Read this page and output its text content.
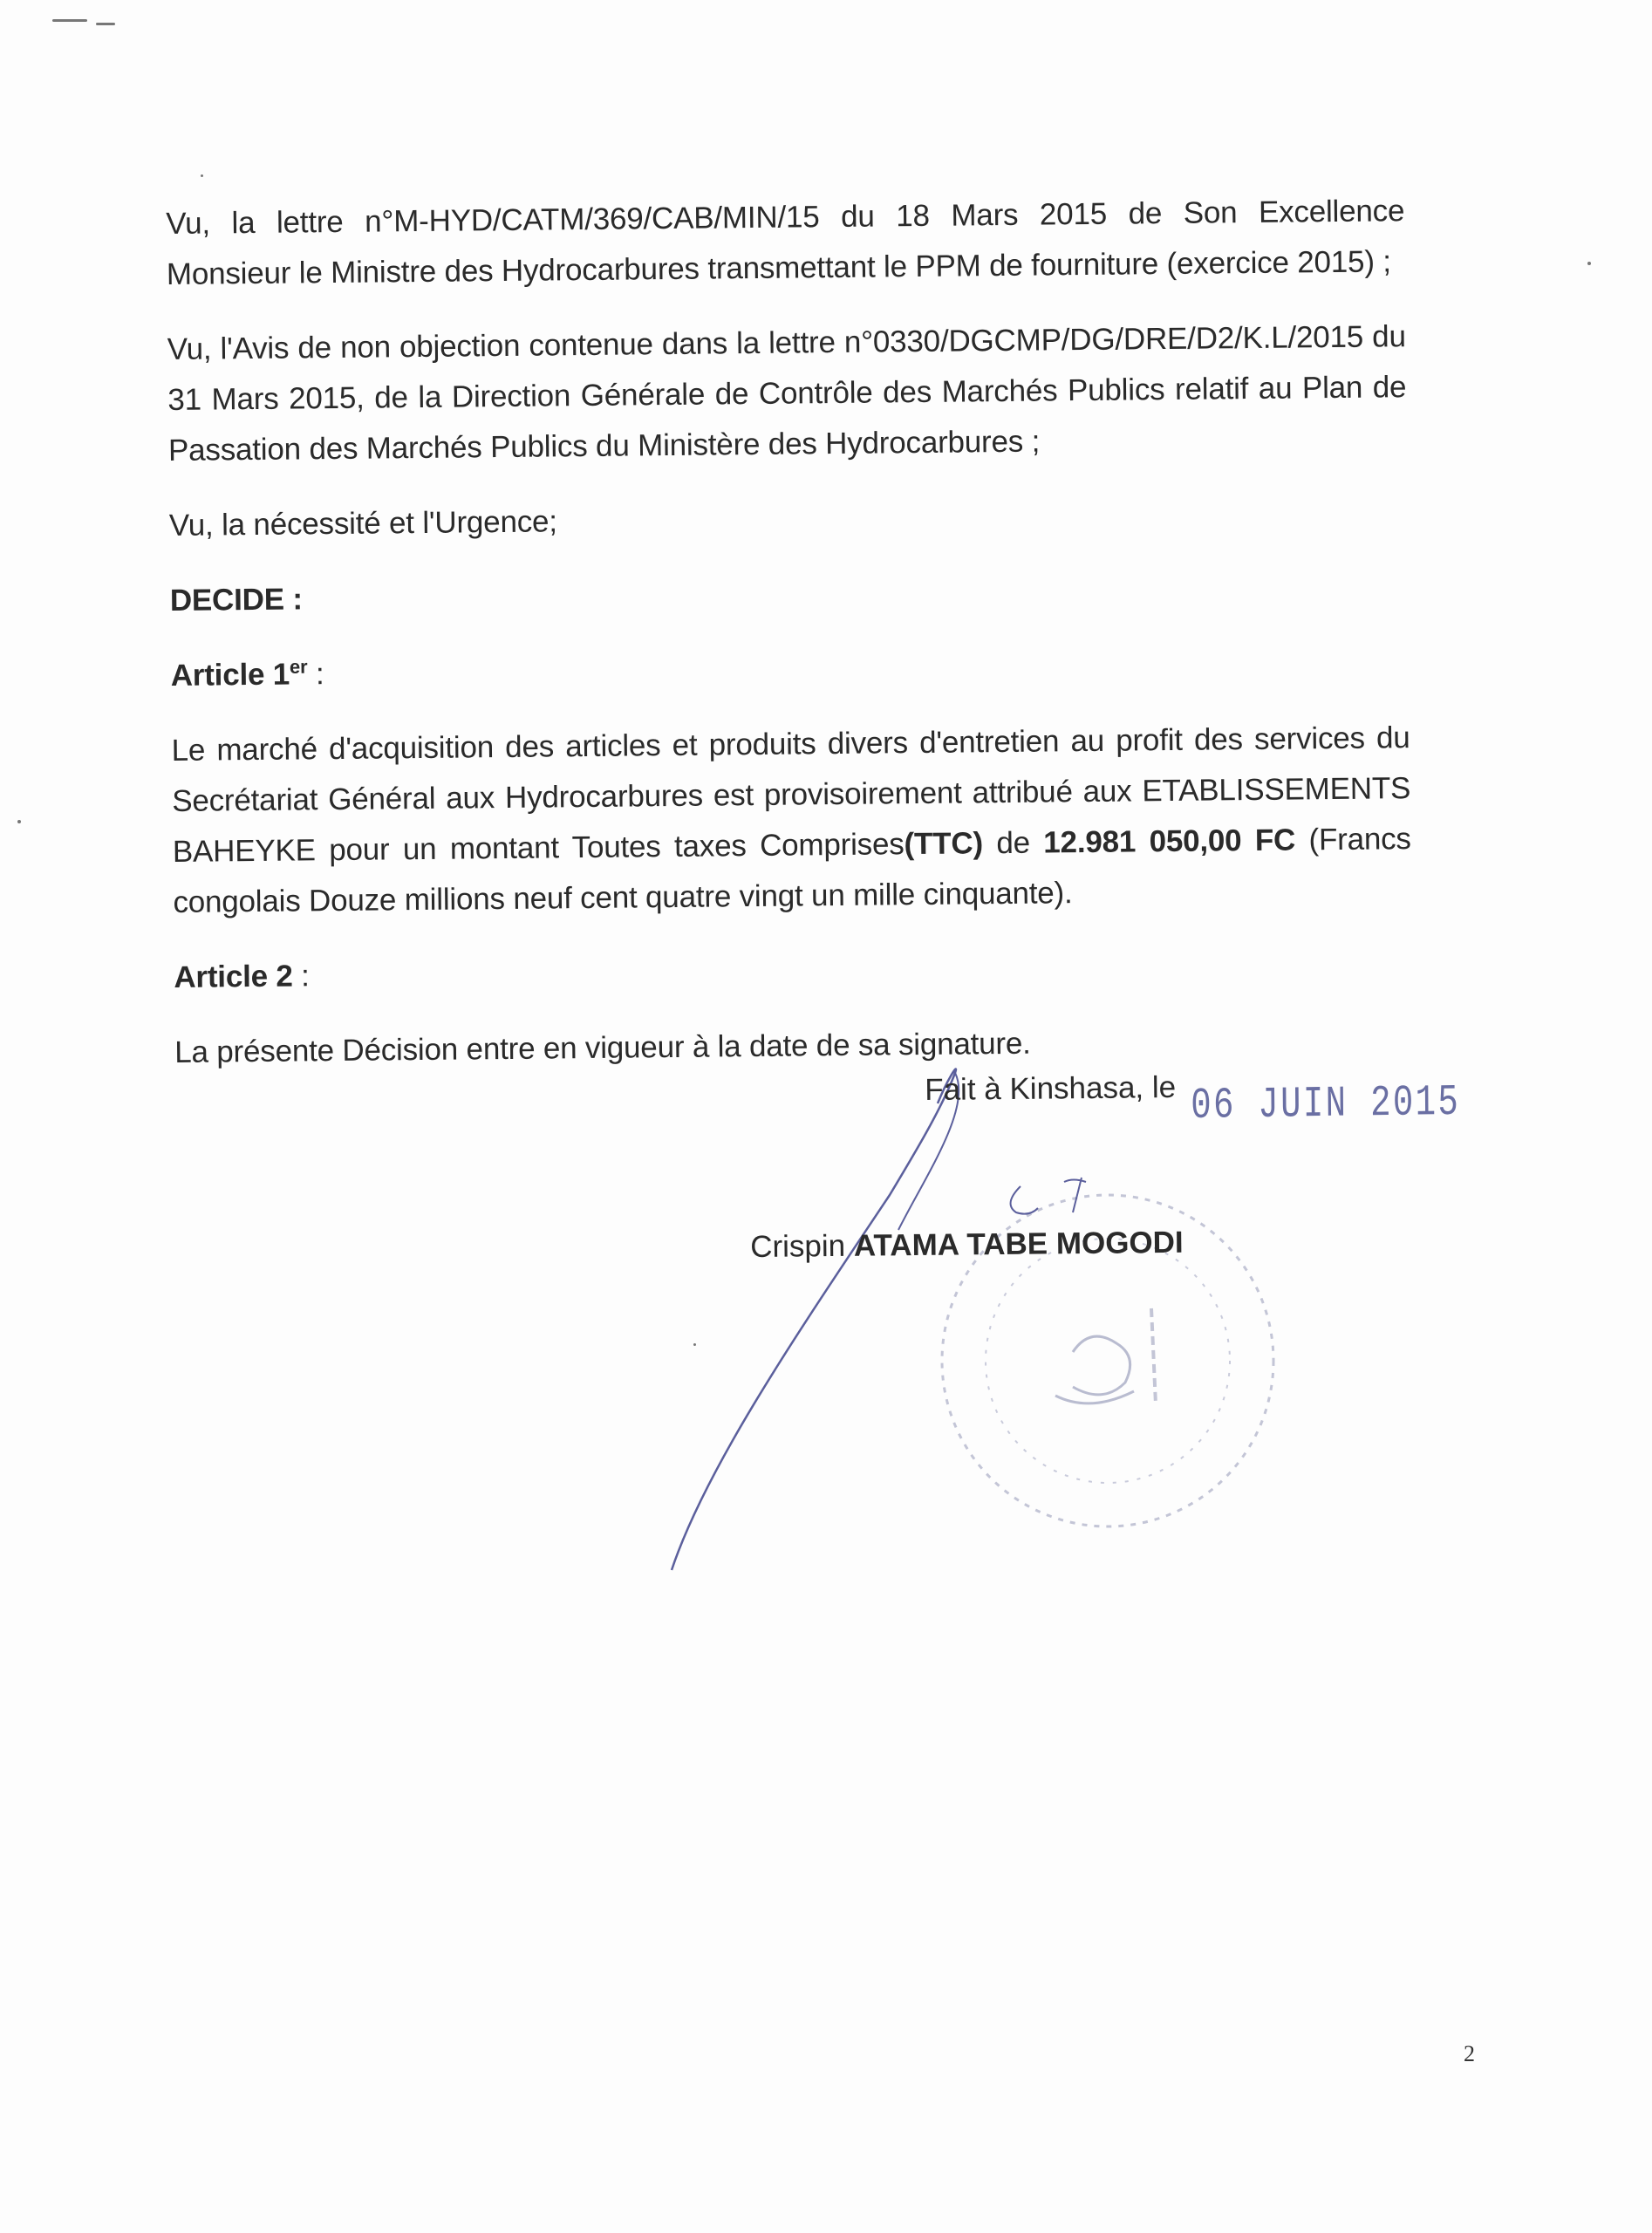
Vu, la lettre n°M-HYD/CATM/369/CAB/MIN/15 du 18 Mars 2015 de Son Excellence Monsieur le Ministre des Hydrocarbures transmettant le PPM de fourniture (exercice 2015) ;

Vu, l'Avis de non objection contenue dans la lettre n°0330/DGCMP/DG/DRE/D2/K.L/2015 du 31 Mars 2015, de la Direction Générale de Contrôle des Marchés Publics relatif au Plan de Passation des Marchés Publics du Ministère des Hydrocarbures ;

Vu, la nécessité et l'Urgence;

DECIDE :

Article 1er :

Le marché d'acquisition des articles et produits divers d'entretien au profit des services du Secrétariat Général aux Hydrocarbures est provisoirement attribué aux ETABLISSEMENTS BAHEYKE pour un montant Toutes taxes Comprises(TTC) de 12.981 050,00 FC (Francs congolais Douze millions neuf cent quatre vingt un mille cinquante).

Article 2 :

La présente Décision entre en vigueur à la date de sa signature.

Fait à Kinshasa, le 06 JUIN 2015
Crispin ATAMA TABE MOGODI
2
